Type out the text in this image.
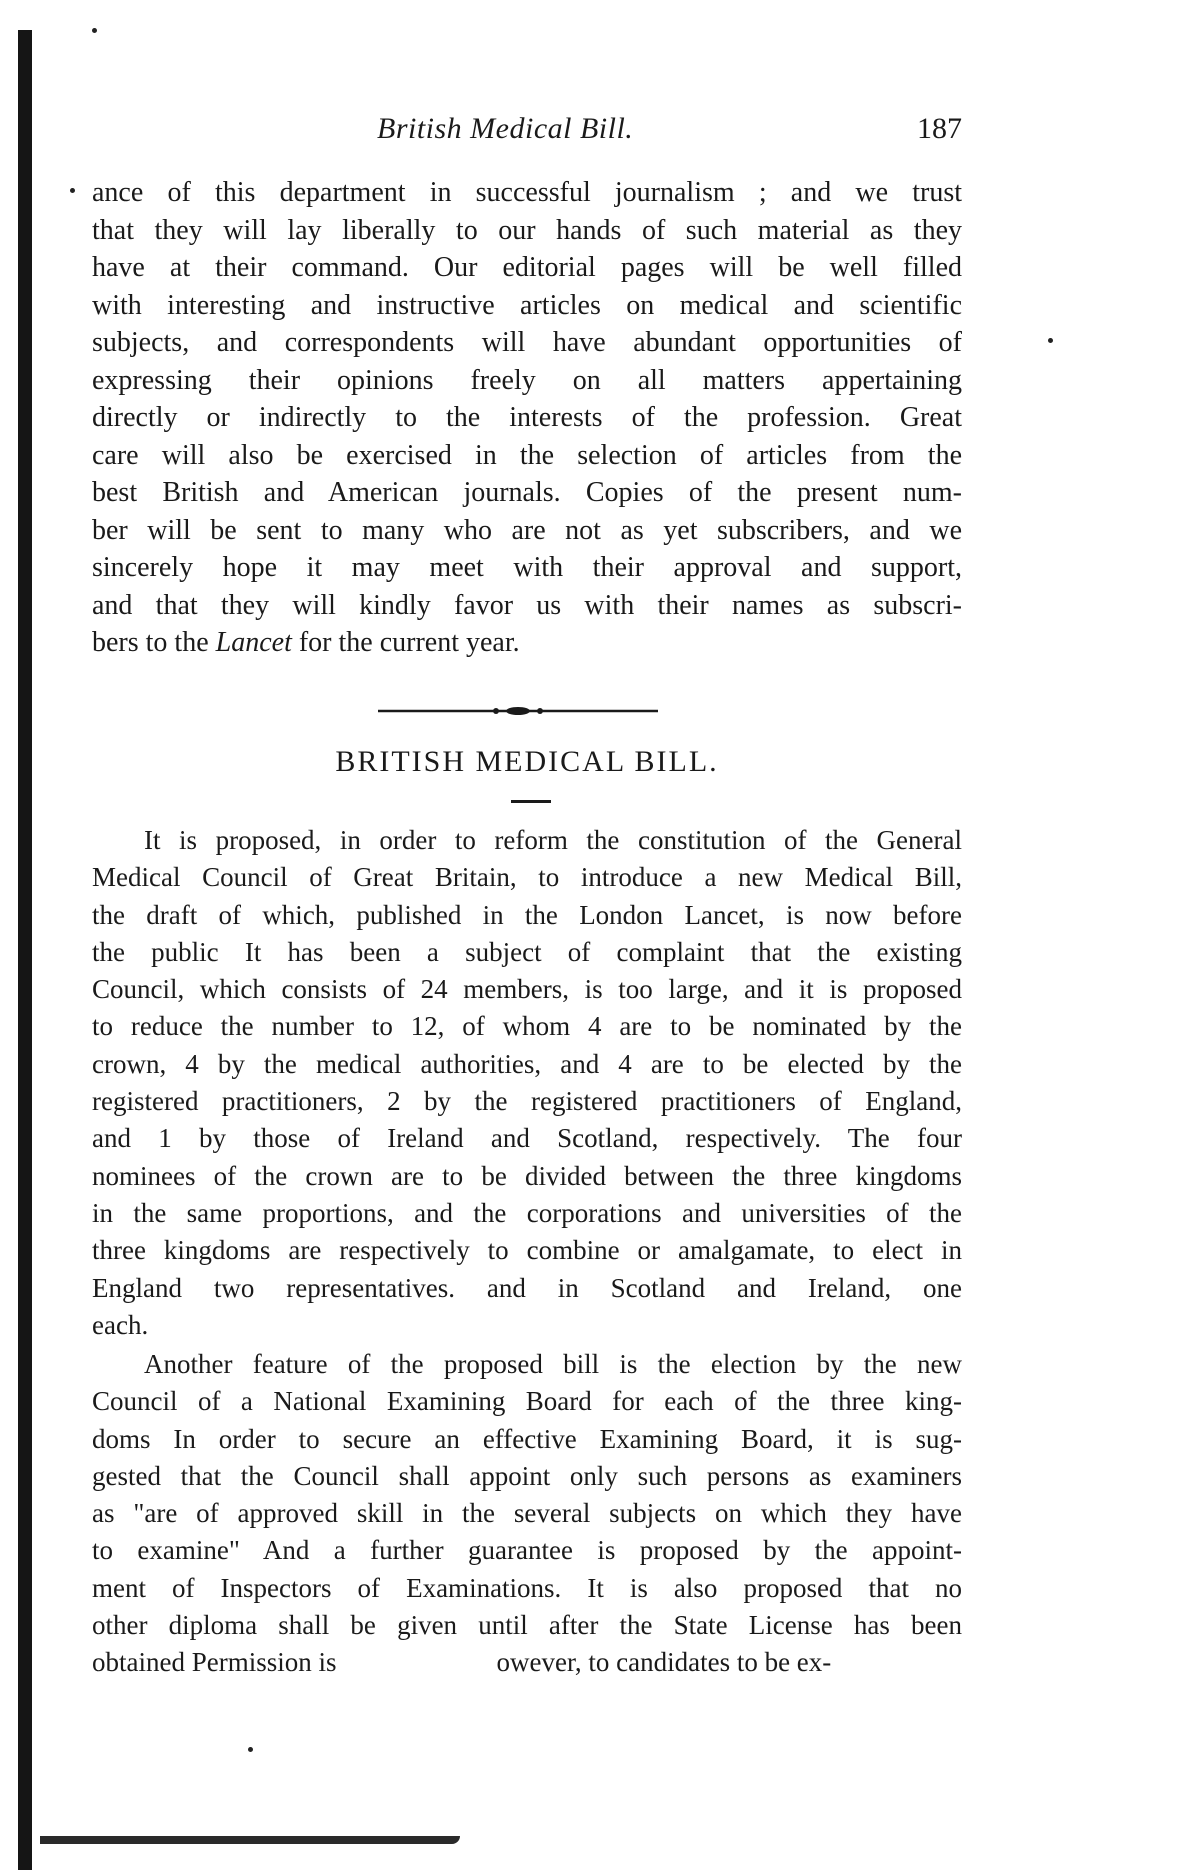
British Medical Bill.	187
ance of this department in successful journalism ; and we trust
that they will lay liberally to our hands of such material as they
have at their command. Our editorial pages will be well filled
with interesting and instructive articles on medical and scientific
subjects, and correspondents will have abundant opportunities of
expressing their opinions freely on all matters appertaining
directly or indirectly to the interests of the profession. Great
care will also be exercised in the selection of articles from the
best British and American journals. Copies of the present num-
ber will be sent to many who are not as yet subscribers, and we
sincerely hope it may meet with their approval and support,
and that they will kindly favor us with their names as subscri-
bers to the Lancet for the current year.
BRITISH MEDICAL BILL.
It is proposed, in order to reform the constitution of the General
Medical Council of Great Britain, to introduce a new Medical Bill,
the draft of which, published in the London Lancet, is now before
the public It has been a subject of complaint that the existing
Council, which consists of 24 members, is too large, and it is proposed
to reduce the number to 12, of whom 4 are to be nominated by the
crown, 4 by the medical authorities, and 4 are to be elected by the
registered practitioners, 2 by the registered practitioners of England,
and 1 by those of Ireland and Scotland, respectively. The four
nominees of the crown are to be divided between the three kingdoms
in the same proportions, and the corporations and universities of the
three kingdoms are respectively to combine or amalgamate, to elect in
England two representatives. and in Scotland and Ireland, one
each.
Another feature of the proposed bill is the election by the new
Council of a National Examining Board for each of the three king-
doms In order to secure an effective Examining Board, it is sug-
gested that the Council shall appoint only such persons as examiners
as "are of approved skill in the several subjects on which they have
to examine" And a further guarantee is proposed by the appoint-
ment of Inspectors of Examinations. It is also proposed that no
other diploma shall be given until after the State License has been
obtained Permission is	owever, to candidates to be ex-
